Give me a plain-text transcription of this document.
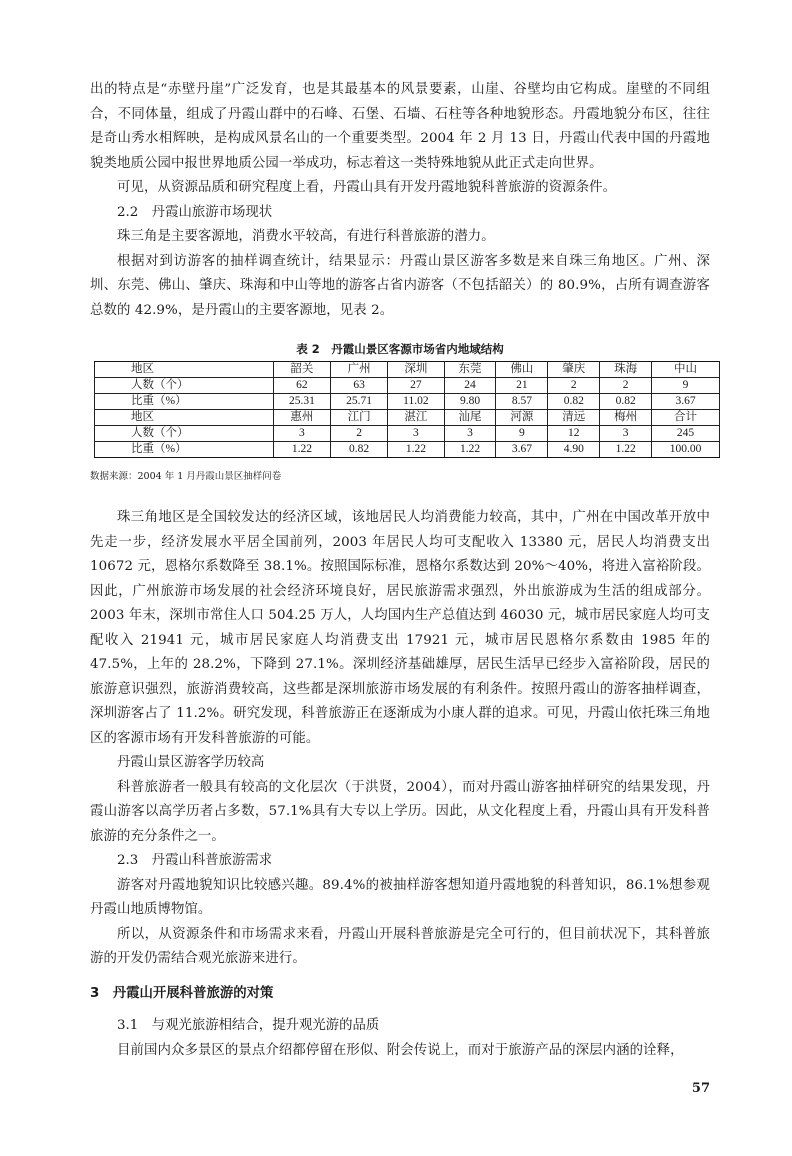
出的特点是“赤壁丹崖”广泛发育，也是其最基本的风景要素，山崖、谷壁均由它构成。崖壁的不同组合，不同体量，组成了丹霞山群中的石峰、石堡、石墙、石柱等各种地貌形态。丹霞地貌分布区，往往是奇山秀水相辉映，是构成风景名山的一个重要类型。2004 年 2 月 13 日，丹霞山代表中国的丹霞地貌类地质公园中报世界地质公园一举成功，标志着这一类特殊地貌从此正式走向世界。

可见，从资源品质和研究程度上看，丹霞山具有开发丹霞地貌科普旅游的资源条件。

2.2　丹霞山旅游市场现状

珠三角是主要客源地，消费水平较高，有进行科普旅游的潜力。

根据对到访游客的抽样调查统计，结果显示：丹霞山景区游客多数是来自珠三角地区。广州、深圳、东莞、佛山、肇庆、珠海和中山等地的游客占省内游客（不包括韶关）的 80.9%，占所有调查游客总数的 42.9%，是丹霞山的主要客源地，见表 2。

表 2　丹霞山景区客源市场省内地域结构
地区	韶关	广州	深圳	东莞	佛山	肇庆	珠海	中山
人数（个）	62	63	27	24	21	2	2	9
比重（%）	25.31	25.71	11.02	9.80	8.57	0.82	0.82	3.67
地区	惠州	江门	湛江	汕尾	河源	清远	梅州	合计
人数（个）	3	2	3	3	9	12	3	245
比重（%）	1.22	0.82	1.22	1.22	3.67	4.90	1.22	100.00
数据来源：2004 年 1 月丹霞山景区抽样问卷

珠三角地区是全国较发达的经济区域，该地居民人均消费能力较高，其中，广州在中国改革开放中先走一步，经济发展水平居全国前列，2003 年居民人均可支配收入 13380 元，居民人均消费支出 10672 元，恩格尔系数降至 38.1%。按照国际标准，恩格尔系数达到 20%～40%，将进入富裕阶段。因此，广州旅游市场发展的社会经济环境良好，居民旅游需求强烈，外出旅游成为生活的组成部分。2003 年末，深圳市常住人口 504.25 万人，人均国内生产总值达到 46030 元，城市居民家庭人均可支配收入 21941 元，城市居民家庭人均消费支出 17921 元，城市居民恩格尔系数由 1985 年的 47.5%，上年的 28.2%，下降到 27.1%。深圳经济基础雄厚，居民生活早已经步入富裕阶段，居民的旅游意识强烈，旅游消费较高，这些都是深圳旅游市场发展的有利条件。按照丹霞山的游客抽样调查，深圳游客占了 11.2%。研究发现，科普旅游正在逐渐成为小康人群的追求。可见，丹霞山依托珠三角地区的客源市场有开发科普旅游的可能。

丹霞山景区游客学历较高

科普旅游者一般具有较高的文化层次（于洪贤，2004），而对丹霞山游客抽样研究的结果发现，丹霞山游客以高学历者占多数，57.1%具有大专以上学历。因此，从文化程度上看，丹霞山具有开发科普旅游的充分条件之一。

2.3　丹霞山科普旅游需求

游客对丹霞地貌知识比较感兴趣。89.4%的被抽样游客想知道丹霞地貌的科普知识，86.1%想参观丹霞山地质博物馆。

所以，从资源条件和市场需求来看，丹霞山开展科普旅游是完全可行的，但目前状况下，其科普旅游的开发仍需结合观光旅游来进行。

3　丹霞山开展科普旅游的对策
3.1　与观光旅游相结合，提升观光游的品质

目前国内众多景区的景点介绍都停留在形似、附会传说上，而对于旅游产品的深层内涵的诠释，

57
